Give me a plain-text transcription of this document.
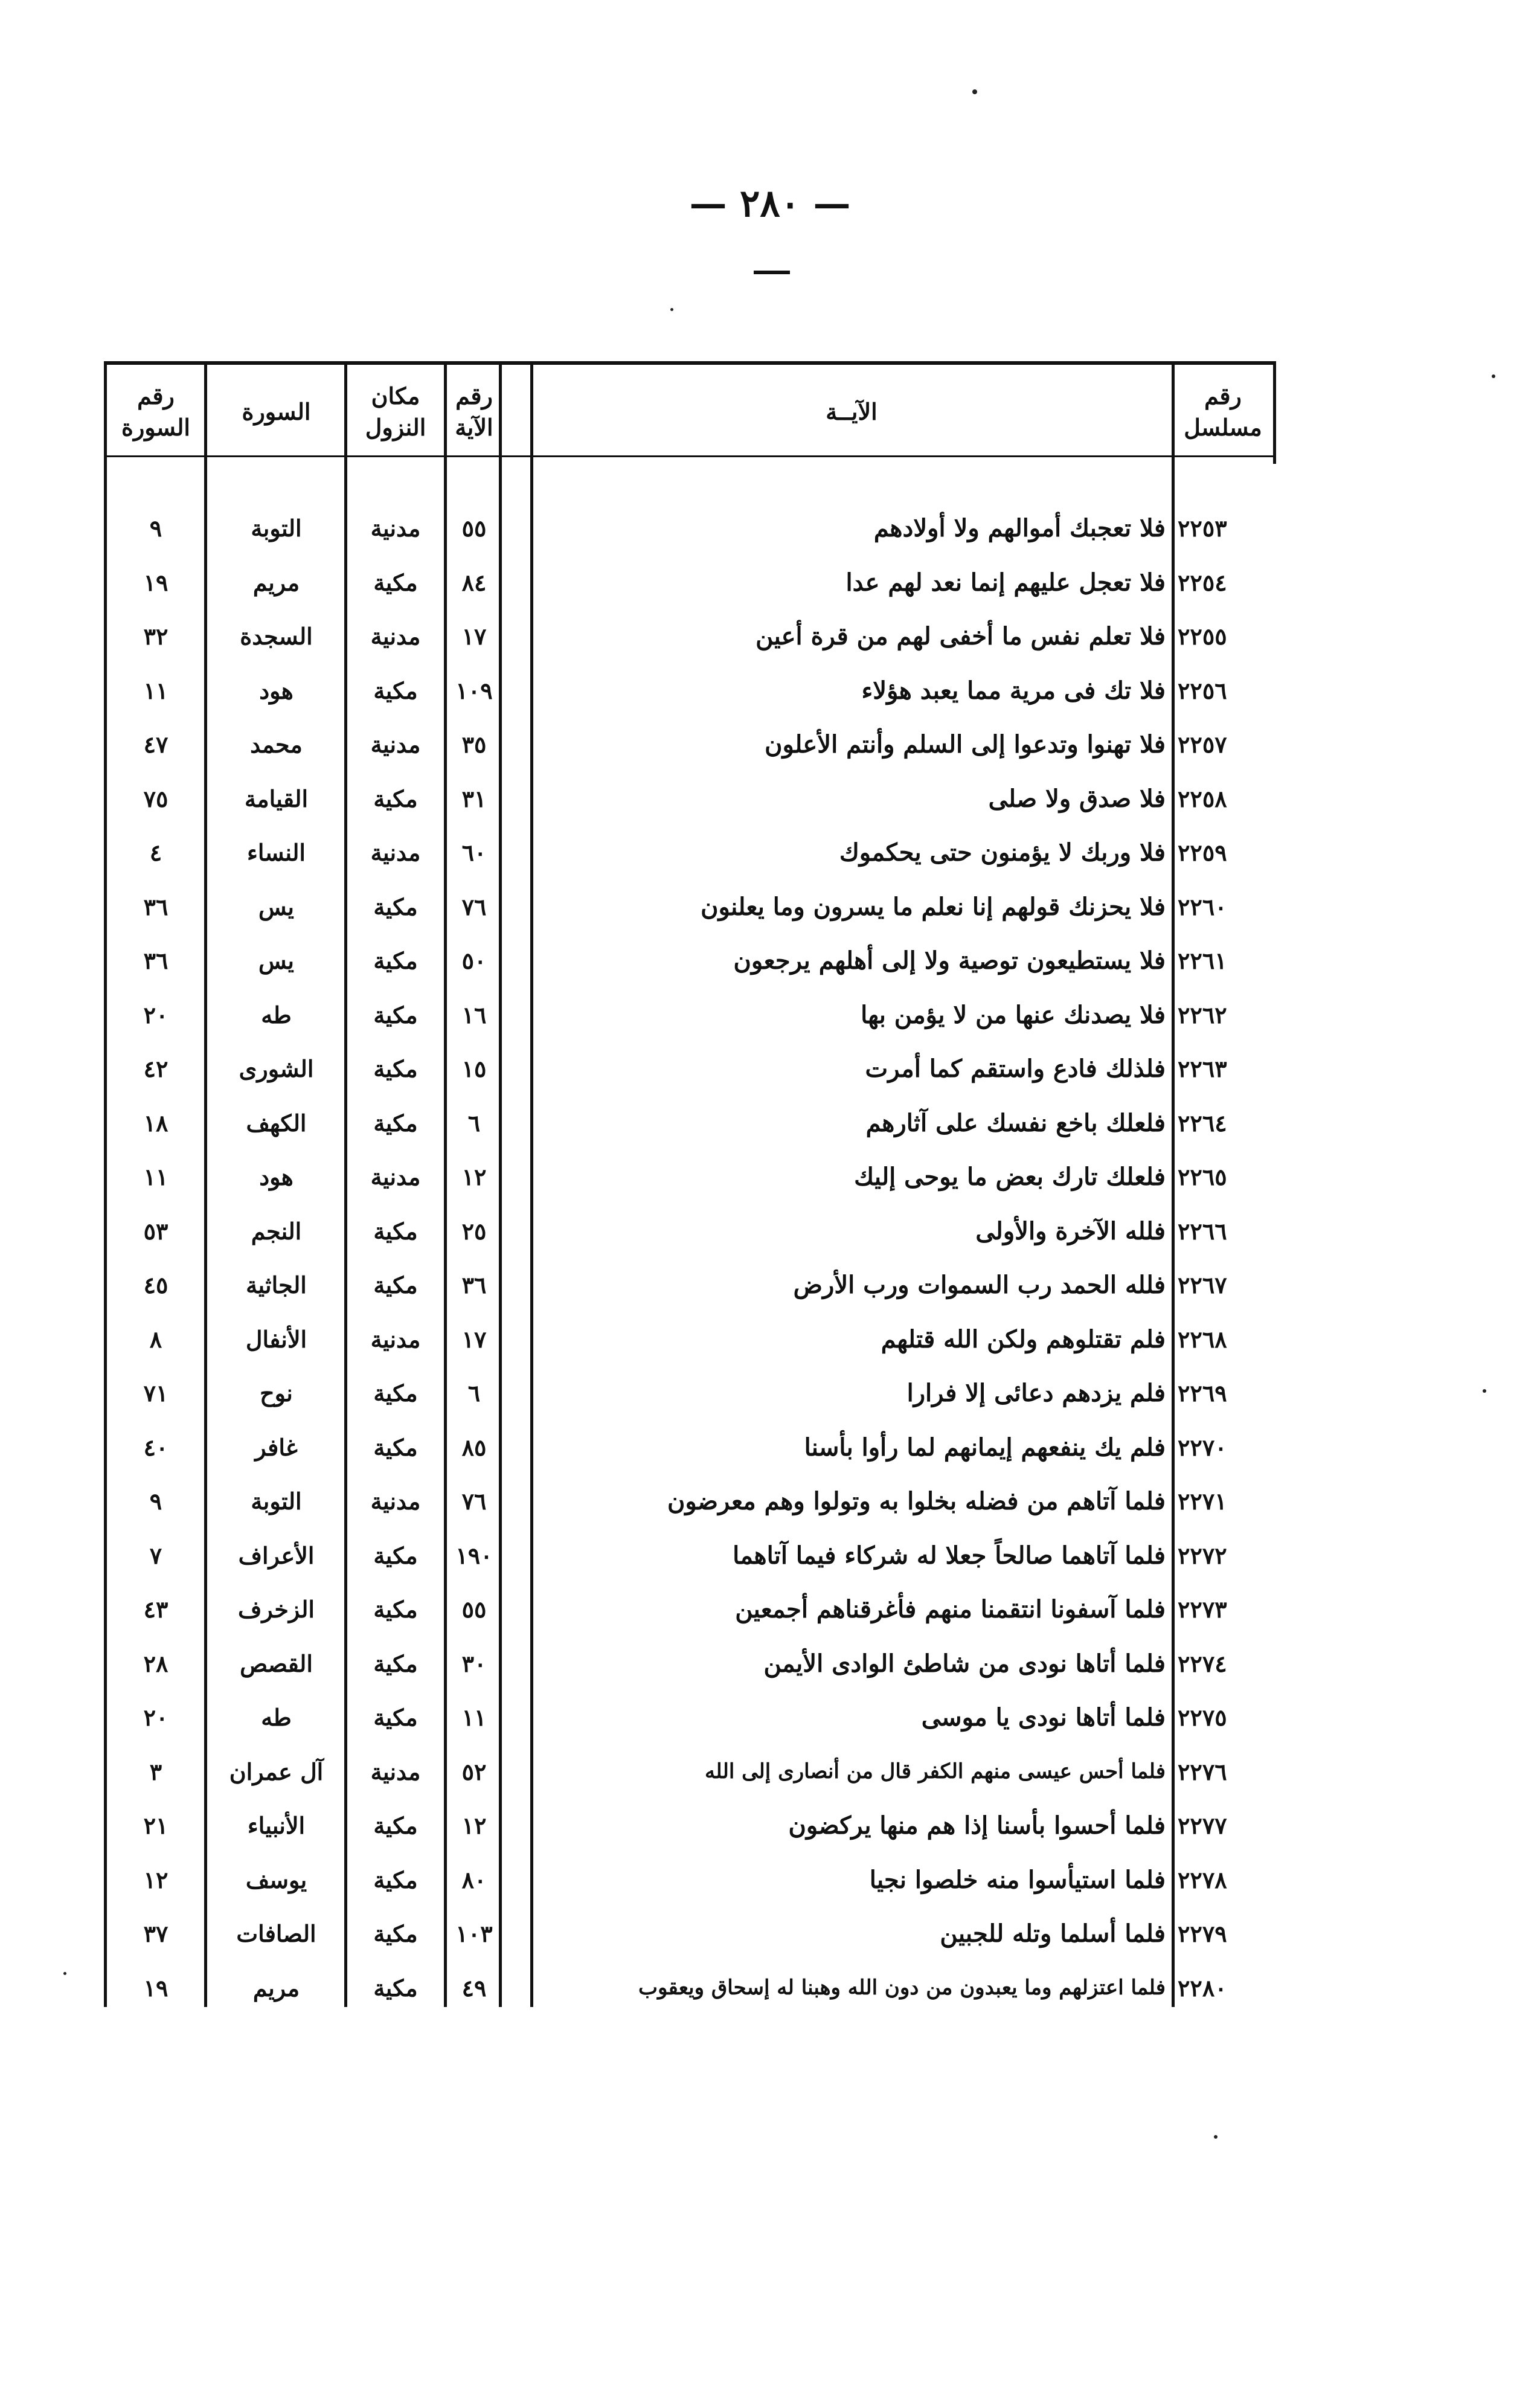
— ٢٨٠ —
رقم
مسلسل
الآيــة
رقم
الآية
مكان
النزول
السورة
رقم
السورة
٢٢٥٣
فلا تعجبك أموالهم ولا أولادهم
٥٥
مدنية
التوبة
٩
٢٢٥٤
فلا تعجل عليهم إنما نعد لهم عدا
٨٤
مكية
مريم
١٩
٢٢٥٥
فلا تعلم نفس ما أخفى لهم من قرة أعين
١٧
مدنية
السجدة
٣٢
٢٢٥٦
فلا تك فى مرية مما يعبد هؤلاء
١٠٩
مكية
هود
١١
٢٢٥٧
فلا تهنوا وتدعوا إلى السلم وأنتم الأعلون
٣٥
مدنية
محمد
٤٧
٢٢٥٨
فلا صدق ولا صلى
٣١
مكية
القيامة
٧٥
٢٢٥٩
فلا وربك لا يؤمنون حتى يحكموك
٦٠
مدنية
النساء
٤
٢٢٦٠
فلا يحزنك قولهم إنا نعلم ما يسرون وما يعلنون
٧٦
مكية
يس
٣٦
٢٢٦١
فلا يستطيعون توصية ولا إلى أهلهم يرجعون
٥٠
مكية
يس
٣٦
٢٢٦٢
فلا يصدنك عنها من لا يؤمن بها
١٦
مكية
طه
٢٠
٢٢٦٣
فلذلك فادع واستقم كما أمرت
١٥
مكية
الشورى
٤٢
٢٢٦٤
فلعلك باخع نفسك على آثارهم
٦
مكية
الكهف
١٨
٢٢٦٥
فلعلك تارك بعض ما يوحى إليك
١٢
مدنية
هود
١١
٢٢٦٦
فلله الآخرة والأولى
٢٥
مكية
النجم
٥٣
٢٢٦٧
فلله الحمد رب السموات ورب الأرض
٣٦
مكية
الجاثية
٤٥
٢٢٦٨
فلم تقتلوهم ولكن الله قتلهم
١٧
مدنية
الأنفال
٨
٢٢٦٩
فلم يزدهم دعائى إلا فرارا
٦
مكية
نوح
٧١
٢٢٧٠
فلم يك ينفعهم إيمانهم لما رأوا بأسنا
٨٥
مكية
غافر
٤٠
٢٢٧١
فلما آتاهم من فضله بخلوا به وتولوا وهم معرضون
٧٦
مدنية
التوبة
٩
٢٢٧٢
فلما آتاهما صالحاً جعلا له شركاء فيما آتاهما
١٩٠
مكية
الأعراف
٧
٢٢٧٣
فلما آسفونا انتقمنا منهم فأغرقناهم أجمعين
٥٥
مكية
الزخرف
٤٣
٢٢٧٤
فلما أتاها نودى من شاطئ الوادى الأيمن
٣٠
مكية
القصص
٢٨
٢٢٧٥
فلما أتاها نودى يا موسى
١١
مكية
طه
٢٠
٢٢٧٦
فلما أحس عيسى منهم الكفر قال من أنصارى إلى الله
٥٢
مدنية
آل عمران
٣
٢٢٧٧
فلما أحسوا بأسنا إذا هم منها يركضون
١٢
مكية
الأنبياء
٢١
٢٢٧٨
فلما استيأسوا منه خلصوا نجيا
٨٠
مكية
يوسف
١٢
٢٢٧٩
فلما أسلما وتله للجبين
١٠٣
مكية
الصافات
٣٧
٢٢٨٠
فلما اعتزلهم وما يعبدون من دون الله وهبنا له إسحاق ويعقوب
٤٩
مكية
مريم
١٩
